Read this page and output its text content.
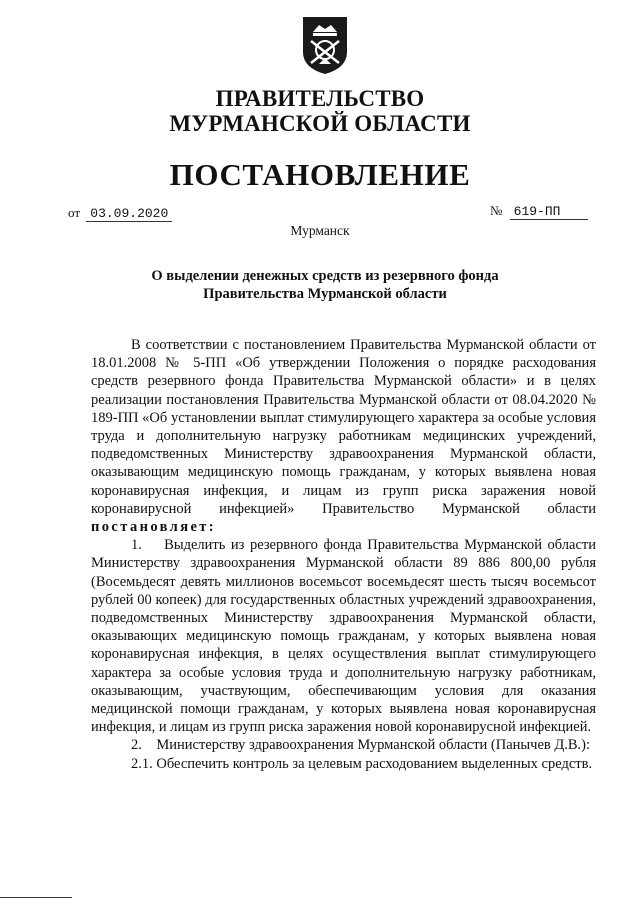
ПРАВИТЕЛЬСТВО
МУРМАНСКОЙ ОБЛАСТИ
ПОСТАНОВЛЕНИЕ
от 03.09.2020	№ 619-ПП
Мурманск
О выделении денежных средств из резервного фонда
Правительства Мурманской области

В соответствии с постановлением Правительства Мурманской области от 18.01.2008 № 5-ПП «Об утверждении Положения о порядке расходования средств резервного фонда Правительства Мурманской области» и в целях реализации постановления Правительства Мурманской области от 08.04.2020 № 189-ПП «Об установлении выплат стимулирующего характера за особые условия труда и дополнительную нагрузку работникам медицинских учреждений, подведомственных Министерству здравоохранения Мурманской области, оказывающим медицинскую помощь гражданам, у которых выявлена новая коронавирусная инфекция, и лицам из групп риска заражения новой коронавирусной инфекцией» Правительство Мурманской области постановляет:

1.    Выделить из резервного фонда Правительства Мурманской области Министерству здравоохранения Мурманской области 89 886 800,00 рубля (Восемьдесят девять миллионов восемьсот восемьдесят шесть тысяч восемьсот рублей 00 копеек) для государственных областных учреждений здравоохранения, подведомственных Министерству здравоохранения Мурманской области, оказывающих медицинскую помощь гражданам, у которых выявлена новая коронавирусная инфекция, в целях осуществления выплат стимулирующего характера за особые условия труда и дополнительную нагрузку работникам, оказывающим, участвующим, обеспечивающим условия для оказания медицинской помощи гражданам, у которых выявлена новая коронавирусная инфекция, и лицам из групп риска заражения новой коронавирусной инфекцией.

2.    Министерству здравоохранения Мурманской области (Панычев Д.В.):

2.1. Обеспечить контроль за целевым расходованием выделенных средств.
